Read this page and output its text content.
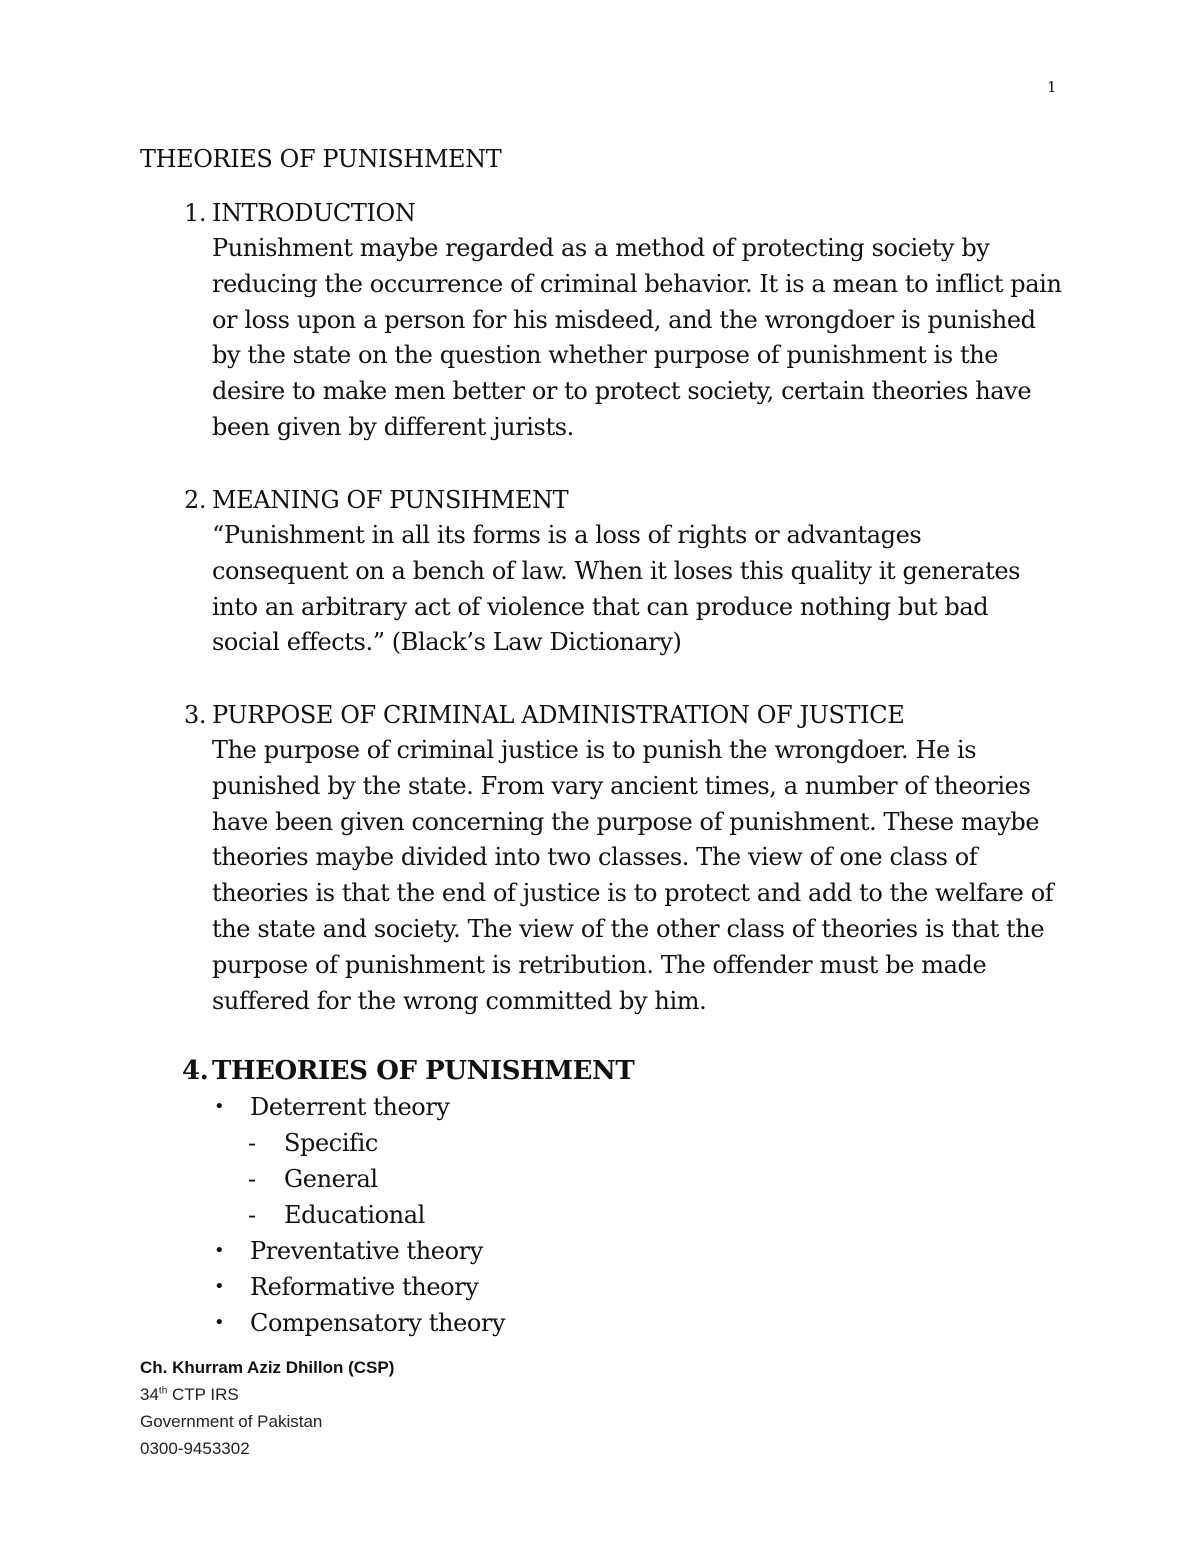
1
THEORIES OF PUNISHMENT
1. INTRODUCTION
Punishment maybe regarded as a method of protecting society by reducing the occurrence of criminal behavior. It is a mean to inflict pain or loss upon a person for his misdeed, and the wrongdoer is punished by the state on the question whether purpose of punishment is the desire to make men better or to protect society, certain theories have been given by different jurists.
2. MEANING OF PUNSIHMENT
“Punishment in all its forms is a loss of rights or advantages consequent on a bench of law. When it loses this quality it generates into an arbitrary act of violence that can produce nothing but bad social effects.” (Black’s Law Dictionary)
3. PURPOSE OF CRIMINAL ADMINISTRATION OF JUSTICE
The purpose of criminal justice is to punish the wrongdoer. He is punished by the state. From vary ancient times, a number of theories have been given concerning the purpose of punishment. These maybe theories maybe divided into two classes. The view of one class of theories is that the end of justice is to protect and add to the welfare of the state and society. The view of the other class of theories is that the purpose of punishment is retribution. The offender must be made suffered for the wrong committed by him.
4. THEORIES OF PUNISHMENT
•	Deterrent theory
-	Specific
-	General
-	Educational
•	Preventative theory
•	Reformative theory
•	Compensatory theory
Ch. Khurram Aziz Dhillon (CSP)
34th CTP IRS
Government of Pakistan
0300-9453302
